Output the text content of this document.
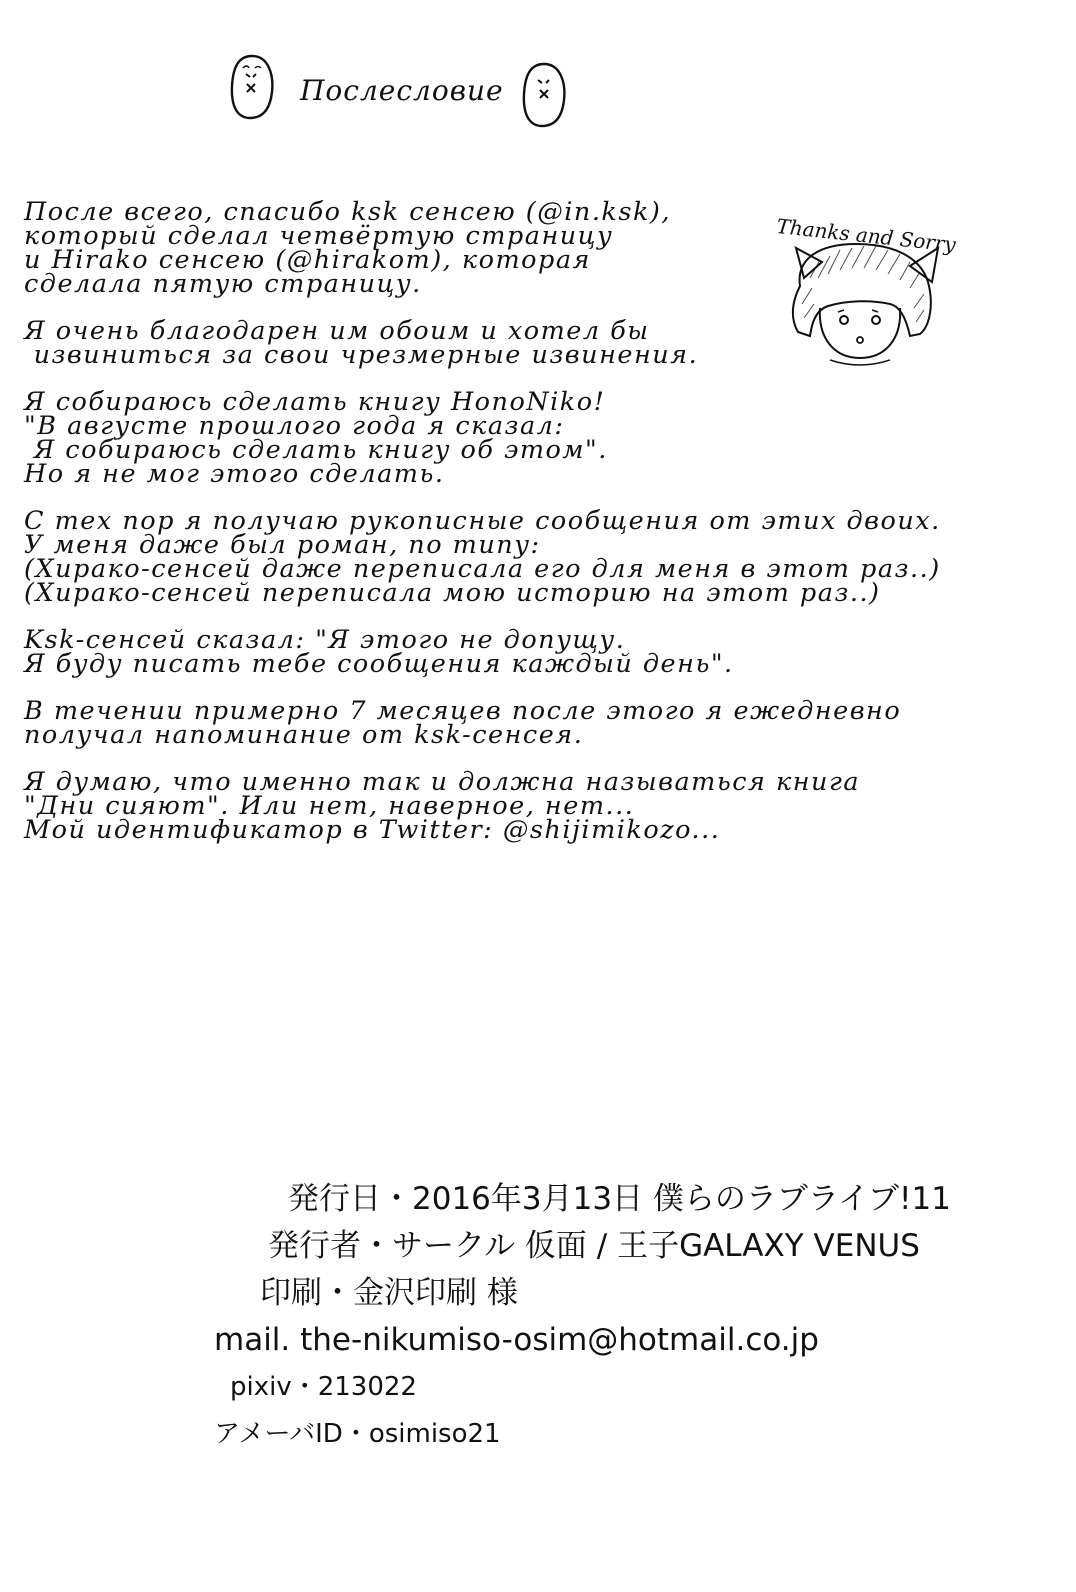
Послесловие
Thanks and Sorry
После всего, спасибо ksk сенсею (@in.ksk),
который сделал четвёртую страницу
и Hirako сенсею (@hirakom), которая
сделала пятую страницу.
Я очень благодарен им обоим и хотел бы
извиниться за свои чрезмерные извинения.
Я собираюсь сделать книгу HonoNiko!
"В августе прошлого года я сказал:
Я собираюсь сделать книгу об этом".
Но я не мог этого сделать.
С тех пор я получаю рукописные сообщения от этих двоих.
У меня даже был роман, по типу:
(Хирако-сенсей даже переписала его для меня в этот раз..)
(Хирако-сенсей переписала мою историю на этот раз..)
Ksk-сенсей сказал: "Я этого не допущу.
Я буду писать тебе сообщения каждый день".
В течении примерно 7 месяцев после этого я ежедневно
получал напоминание от ksk-сенсея.
Я думаю, что именно так и должна называться книга
"Дни сияют". Или нет, наверное, нет...
Мой идентификатор в Twitter: @shijimikozo...
発行日・2016年3月13日 僕らのラブライブ!11
発行者・サークル 仮面 / 王子GALAXY VENUS
印刷・金沢印刷 様
mail. the-nikumiso-osim@hotmail.co.jp
pixiv・213022
アメーバID・osimiso21
